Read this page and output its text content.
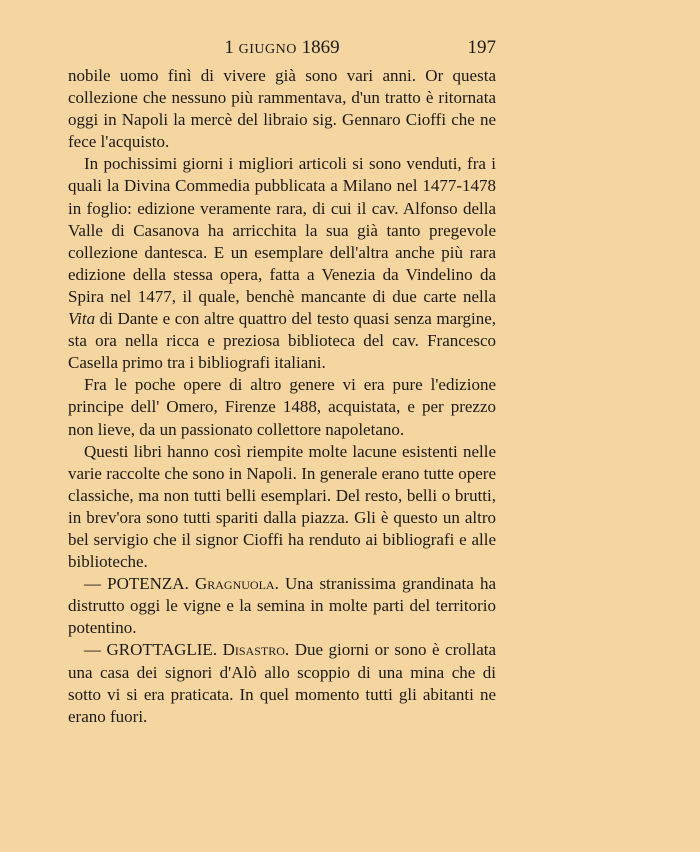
1 GIUGNO 1869	197

nobile uomo finì di vivere già sono vari anni. Or questa collezione che nessuno più rammentava, d'un tratto è ritornata oggi in Napoli la mercè del libraio sig. Gennaro Cioffi che ne fece l'acquisto.

In pochissimi giorni i migliori articoli si sono venduti, fra i quali la Divina Commedia pubblicata a Milano nel 1477-1478 in foglio: edizione veramente rara, di cui il cav. Alfonso della Valle di Casanova ha arricchita la sua già tanto pregevole collezione dantesca. E un esemplare dell'altra anche più rara edizione della stessa opera, fatta a Venezia da Vindelino da Spira nel 1477, il quale, benchè mancante di due carte nella Vita di Dante e con altre quattro del testo quasi senza margine, sta ora nella ricca e preziosa biblioteca del cav. Francesco Casella primo tra i bibliografi italiani.

Fra le poche opere di altro genere vi era pure l'edizione principe dell' Omero, Firenze 1488, acquistata, e per prezzo non lieve, da un passionato collettore napoletano.

Questi libri hanno così riempite molte lacune esistenti nelle varie raccolte che sono in Napoli. In generale erano tutte opere classiche, ma non tutti belli esemplari. Del resto, belli o brutti, in brev'ora sono tutti spariti dalla piazza. Gli è questo un altro bel servigio che il signor Cioffi ha renduto ai bibliografi e alle biblioteche.

— POTENZA. Gragnuola. Una stranissima grandinata ha distrutto oggi le vigne e la semina in molte parti del territorio potentino.

— GROTTAGLIE. Disastro. Due giorni or sono è crollata una casa dei signori d'Alò allo scoppio di una mina che di sotto vi si era praticata. In quel momento tutti gli abitanti ne erano fuori.
